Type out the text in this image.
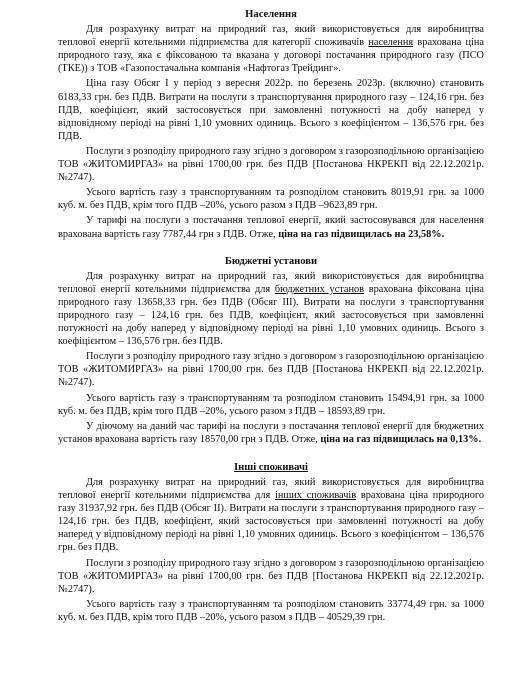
Населення

Для розрахунку витрат на природний газ, який використовується для виробництва теплової енергії котельними підприємства для категорії споживачів населення врахована ціна природного газу, яка є фіксованою та вказана у договорі постачання природного газу (ПСО (ТКЕ)) з ТОВ «Газопостачальна компанія «Нафтогаз Трейдинг».

Ціна газу Обсяг І у період з вересня 2022р. по березень 2023р. (включно) становить 6183,33 грн. без ПДВ. Витрати на послуги з транспортування природного газу – 124,16 грн. без ПДВ, коефіцієнт, який застосовується при замовленні потужності на добу наперед у відповідному періоді на рівні 1,10 умовних одиниць. Всього з коефіцієнтом – 136,576 грн. без ПДВ.

Послуги з розподілу природного газу згідно з договором з газорозподільною організацією ТОВ «ЖИТОМИРГАЗ» на рівні 1700,00 грн. без ПДВ [Постанова НКРЕКП від 22.12.2021р. №2747).

Усього вартість газу з транспортуванням та розподілом становить 8019,91 грн. за 1000 куб. м. без ПДВ, крім того ПДВ –20%, усього разом з ПДВ –9623,89 грн.

У тарифі на послуги з постачання теплової енергії, який застосовувався для населення врахована вартість газу 7787,44 грн з ПДВ. Отже, ціна на газ підвищилась на 23,58%.

Бюджетні установи

Для розрахунку витрат на природний газ, який використовується для виробництва теплової енергії котельними підприємства для бюджетних установ врахована фіксована ціна природного газу 13658,33 грн. без ПДВ (Обсяг ІІІ). Витрати на послуги з транспортування природного газу – 124,16 грн. без ПДВ, коефіцієнт, який застосовується при замовленні потужності на добу наперед у відповідному періоді на рівні 1,10 умовних одиниць. Всього з коефіцієнтом – 136,576 грн. без ПДВ.

Послуги з розподілу природного газу згідно з договором з газорозподільною організацією ТОВ «ЖИТОМИРГАЗ» на рівні 1700,00 грн. без ПДВ [Постанова НКРЕКП від 22.12.2021р. №2747).

Усього вартість газу з транспортуванням та розподілом становить 15494,91 грн. за 1000 куб. м. без ПДВ, крім того ПДВ –20%, усього разом з ПДВ – 18593,89 грн.

У діючому на даний час тарифі на послуги з постачання теплової енергії для бюджетних установ врахована вартість газу 18570,00 грн з ПДВ. Отже, ціна на газ підвищилась на 0,13%.

Інші споживачі

Для розрахунку витрат на природний газ, який використовується для виробництва теплової енергії котельними підприємства для інших споживачів врахована ціна природного газу 31937,92 грн. без ПДВ (Обсяг ІІ). Витрати на послуги з транспортування природного газу – 124,16 грн. без ПДВ, коефіцієнт, який застосовується при замовленні потужності на добу наперед у відповідному періоді на рівні 1,10 умовних одиниць. Всього з коефіцієнтом – 136,576 грн. без ПДВ.

Послуги з розподілу природного газу згідно з договором з газорозподільною організацією ТОВ «ЖИТОМИРГАЗ» на рівні 1700,00 грн. без ПДВ [Постанова НКРЕКП від 22.12.2021р. №2747).

Усього вартість газу з транспортуванням та розподілом становить 33774,49 грн. за 1000 куб. м. без ПДВ, крім того ПДВ –20%, усього разом з ПДВ – 40529,39 грн.
